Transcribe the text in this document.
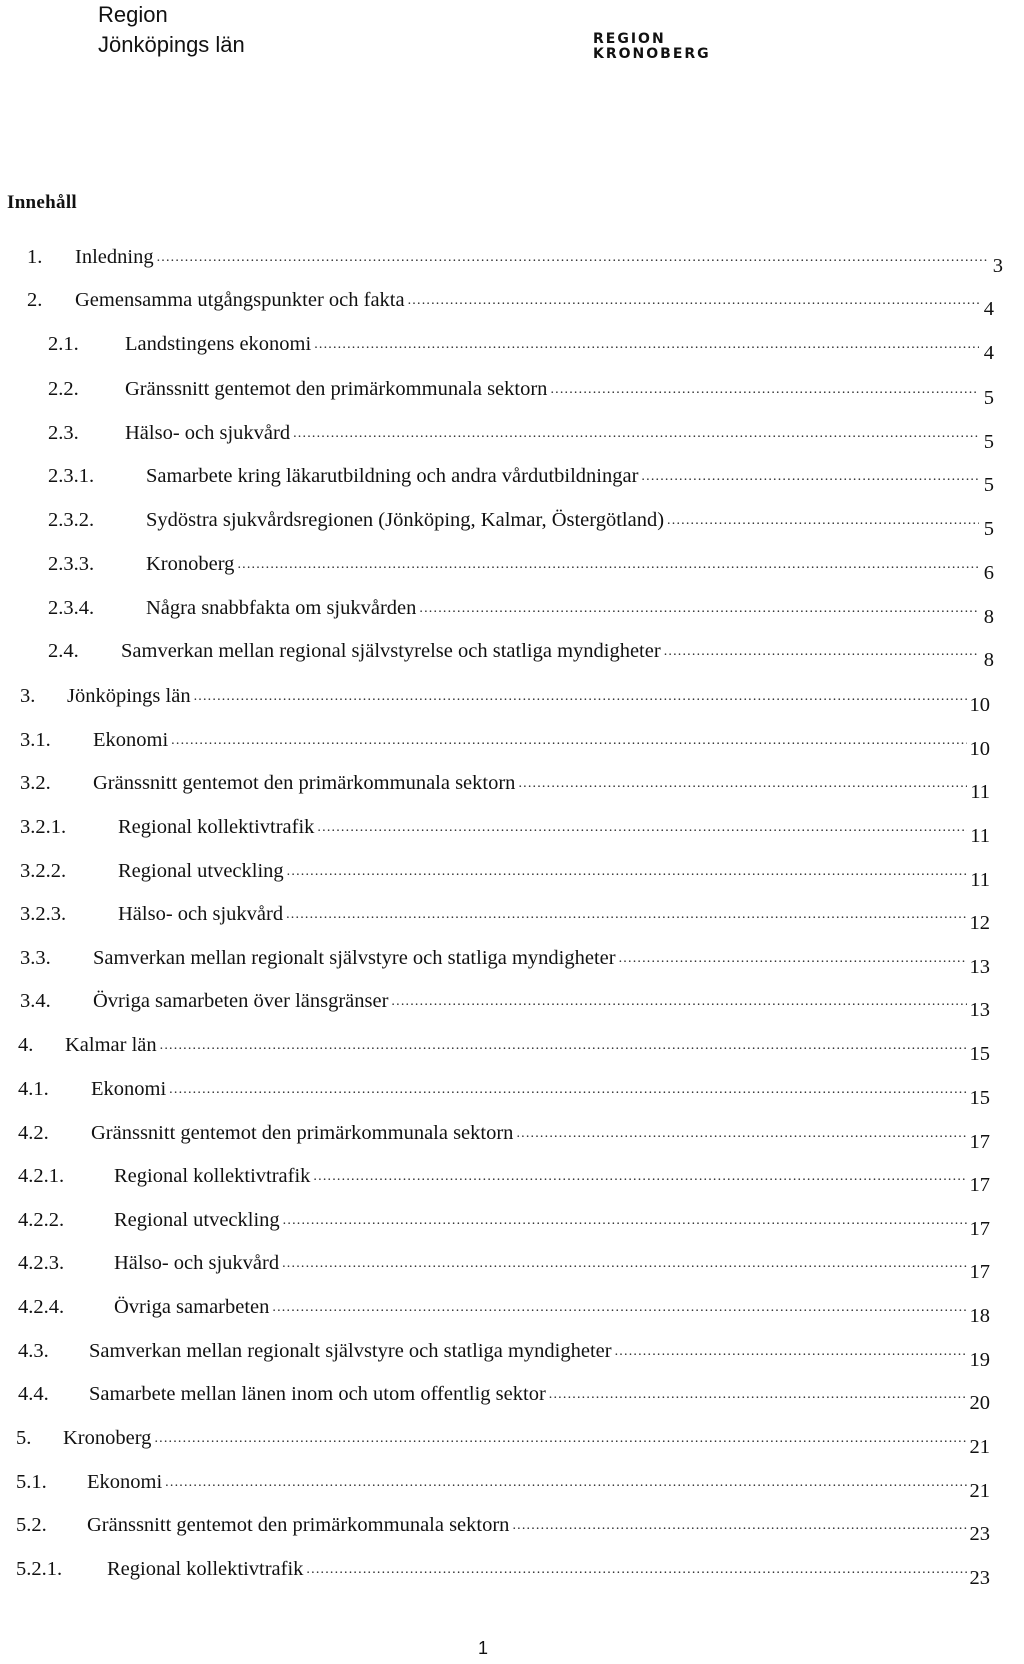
Region
Jönköpings län	REGION
KRONOBERG
Innehåll
1.	Inledning .....	3
2.	Gemensamma utgångspunkter och fakta .....	4
2.1.	Landstingens ekonomi .....	4
2.2.	Gränssnitt gentemot den primärkommunala sektorn .....	5
2.3.	Hälso- och sjukvård .....	5
2.3.1.	Samarbete kring läkarutbildning och andra vårdutbildningar .....	5
2.3.2.	Sydöstra sjukvårdsregionen (Jönköping, Kalmar, Östergötland) .....	5
2.3.3.	Kronoberg .....	6
2.3.4.	Några snabbfakta om sjukvården .....	8
2.4.	Samverkan mellan regional självstyrelse och statliga myndigheter .....	8
3.	Jönköpings län .....	10
3.1.	Ekonomi .....	10
3.2.	Gränssnitt gentemot den primärkommunala sektorn .....	11
3.2.1.	Regional kollektivtrafik .....	11
3.2.2.	Regional utveckling .....	11
3.2.3.	Hälso- och sjukvård .....	12
3.3.	Samverkan mellan regionalt självstyre och statliga myndigheter .....	13
3.4.	Övriga samarbeten över länsgränser .....	13
4.	Kalmar län .....	15
4.1.	Ekonomi .....	15
4.2.	Gränssnitt gentemot den primärkommunala sektorn .....	17
4.2.1.	Regional kollektivtrafik .....	17
4.2.2.	Regional utveckling .....	17
4.2.3.	Hälso- och sjukvård .....	17
4.2.4.	Övriga samarbeten .....	18
4.3.	Samverkan mellan regionalt självstyre och statliga myndigheter .....	19
4.4.	Samarbete mellan länen inom och utom offentlig sektor .....	20
5.	Kronoberg .....	21
5.1.	Ekonomi .....	21
5.2.	Gränssnitt gentemot den primärkommunala sektorn .....	23
5.2.1.	Regional kollektivtrafik .....	23
1
